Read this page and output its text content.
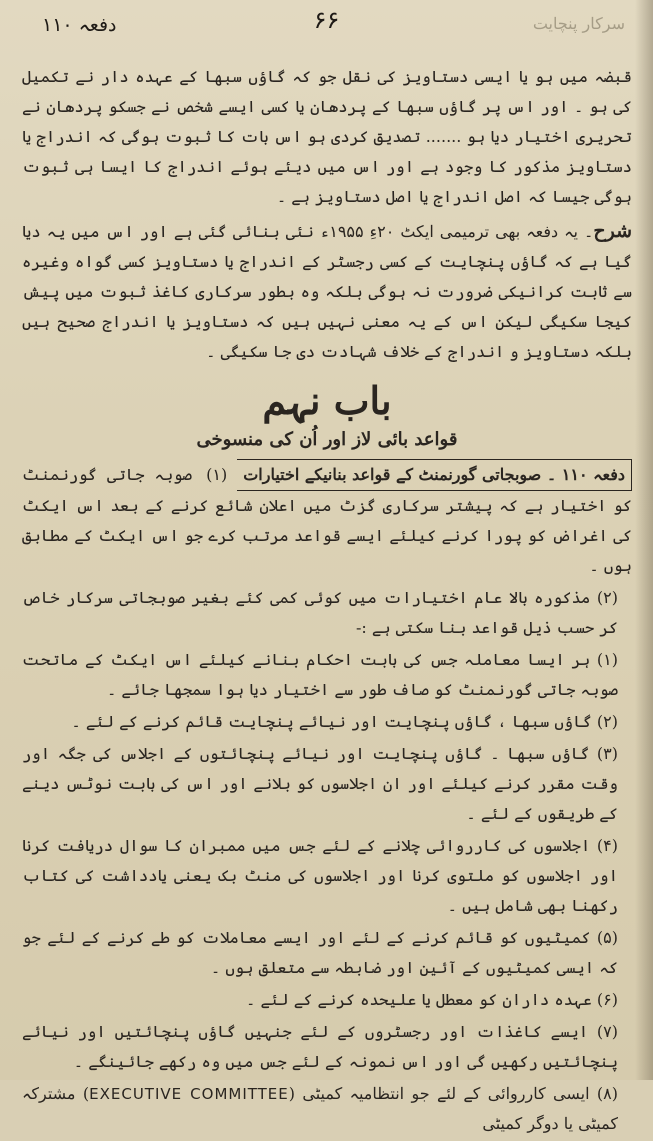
دفعہ ۱۱۰	۶۶	سرکار پنچایت

قبضہ میں ہو یا ایسی دستاویز کی نقل جو کہ گاؤں سبھا کے عہدہ دار نے تکمیل کی ہو ۔ اور اس پر گاؤں سبھا کے پردھان یا کسی ایسے شخص نے جسکو پردھان نے تحریری اختیار دیا ہو ....... تصدیق کردی ہو اس بات کا ثبوت ہوگی کہ اندراج یا دستاویز مذکور کا وجود ہے اور اس میں دیئے ہوئے اندراج کا ایسا ہی ثبوت ہوگی جیسا کہ اصل اندراج یا اصل دستاویز ہے ۔

شرح۔ یہ دفعہ بھی ترمیمی ایکٹ ۲۰ءِ ۱۹۵۵ء نئی بنائی گئی ہے اور اس میں یہ دیا گیا ہے کہ گاؤں پنچایت کے کسی رجسٹر کے اندراج یا دستاویز کسی گواہ وغیرہ سے ثابت کرانیکی ضرورت نہ ہوگی بلکہ وہ بطور سرکاری کاغذ ثبوت میں پیش کیجا سکیگی لیکن اس کے یہ معنی نہیں ہیں کہ دستاویز یا اندراج صحیح ہیں بلکہ دستاویز و اندراج کے خلاف شہادت دی جا سکیگی ۔

باب نہم
قواعد بائی لاز اور اُن کی منسوخی
دفعہ ۱۱۰ ۔ صوبجاتی گورنمنٹ کے قواعد بنانیکے اختیارات (۱) صوبہ جاتی گورنمنٹ کو اختیار ہے کہ پیشتر سرکاری گزٹ میں اعلان شائع کرنے کے بعد اس ایکٹ کی اغراض کو پورا کرنے کیلئے ایسے قواعد مرتب کرے جو اس ایکٹ کے مطابق ہوں ۔

(۲) مذکورہ بالا عام اختیارات میں کوئی کمی کئے بغیر صوبجاتی سرکار خاص کر حسب ذیل قواعد بنا سکتی ہے :-

(۱) ہر ایسا معاملہ جس کی بابت احکام بنانے کیلئے اس ایکٹ کے ماتحت صوبہ جاتی گورنمنٹ کو صاف طور سے اختیار دیا ہوا سمجھا جائے ۔

(۲) گاؤں سبھا ، گاؤں پنچایت اور نیائے پنچایت قائم کرنے کے لئے ۔

(۳) گاؤں سبھا ۔ گاؤں پنچایت اور نیائے پنچائتوں کے اجلاس کی جگہ اور وقت مقرر کرنے کیلئے اور ان اجلاسوں کو بلانے اور اس کی بابت نوٹس دینے کے طریقوں کے لئے ۔

(۴) اجلاسوں کی کارروائی چلانے کے لئے جس میں ممبران کا سوال دریافت کرنا اور اجلاسوں کو ملتوی کرنا اور اجلاسوں کی منٹ بک یعنی یادداشت کی کتاب رکھنا بھی شامل ہیں ۔

(۵) کمیٹیوں کو قائم کرنے کے لئے اور ایسے معاملات کو طے کرنے کے لئے جو کہ ایسی کمیٹیوں کے آئین اور ضابطہ سے متعلق ہوں ۔

(۶) عہدہ داران کو معطل یا علیحدہ کرنے کے لئے ۔

(۷) ایسے کاغذات اور رجسٹروں کے لئے جنہیں گاؤں پنچائتیں اور نیائے پنچائتیں رکھیں گی اور اس نمونہ کے لئے جس میں وہ رکھے جائینگے ۔

(۸) ایسی کارروائی کے لئے جو انتظامیہ کمیٹی (EXECUTIVE COMMITTEE) مشترکہ کمیٹی یا دوگر کمیٹی
